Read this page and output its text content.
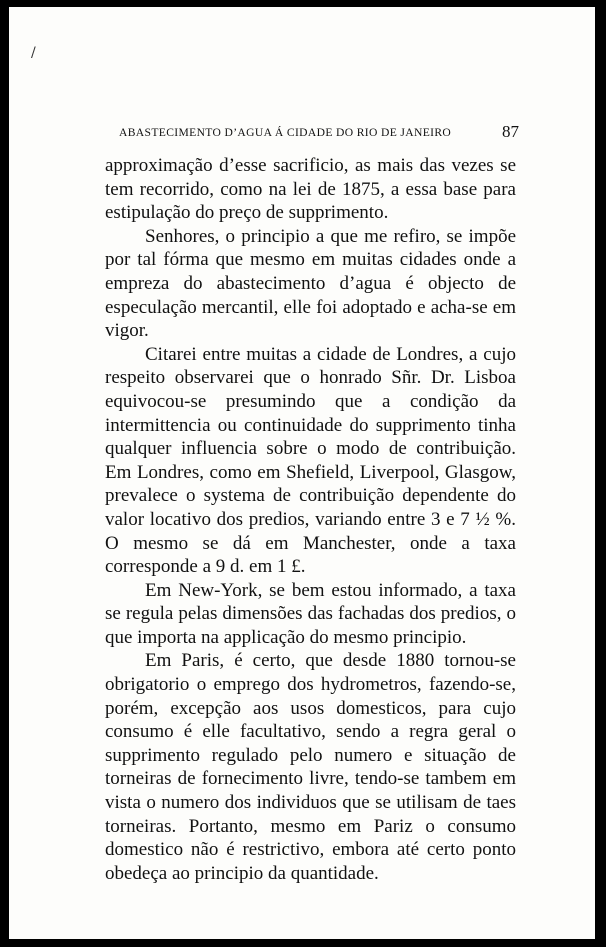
/
ABASTECIMENTO D’AGUA Á CIDADE DO RIO DE JANEIRO	87

approximação d’esse sacrificio, as mais das vezes se tem recorrido, como na lei de 1875, a essa base para estipulação do preço de supprimento.

Senhores, o principio a que me refiro, se impõe por tal fórma que mesmo em muitas cidades onde a empreza do abastecimento d’agua é objecto de especulação mercantil, elle foi adoptado e acha-se em vigor.

Citarei entre muitas a cidade de Londres, a cujo respeito observarei que o honrado Sñr. Dr. Lisboa equivocou-se presumindo que a condição da intermittencia ou continuidade do supprimento tinha qualquer influencia sobre o modo de contribuição. Em Londres, como em Shefield, Liverpool, Glasgow, prevalece o systema de contribuição dependente do valor locativo dos predios, variando entre 3 e 7 ½ %. O mesmo se dá em Manchester, onde a taxa corresponde a 9 d. em 1 £.

Em New-York, se bem estou informado, a taxa se regula pelas dimensões das fachadas dos predios, o que importa na applicação do mesmo principio.

Em Paris, é certo, que desde 1880 tornou-se obrigatorio o emprego dos hydrometros, fazendo-se, porém, excepção aos usos domesticos, para cujo consumo é elle facultativo, sendo a regra geral o supprimento regulado pelo numero e situação de torneiras de fornecimento livre, tendo-se tambem em vista o numero dos individuos que se utilisam de taes torneiras. Portanto, mesmo em Pariz o consumo domestico não é restrictivo, embora até certo ponto obedeça ao principio da quantidade.
